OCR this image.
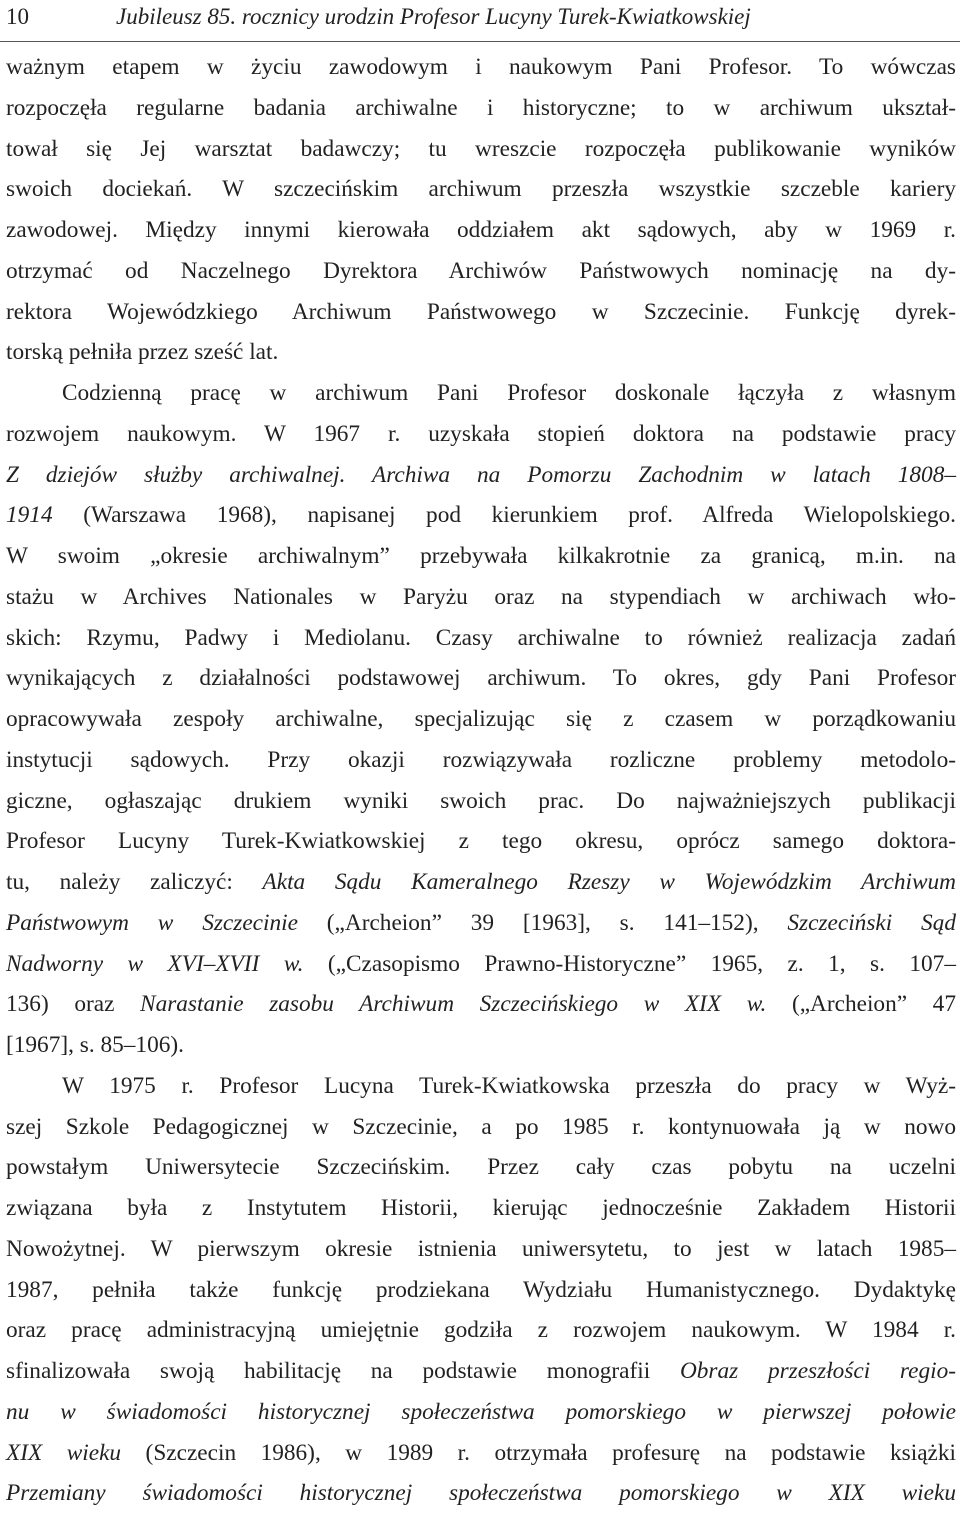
10	Jubileusz 85. rocznicy urodzin Profesor Lucyny Turek-Kwiatkowskiej
ważnym etapem w życiu zawodowym i naukowym Pani Profesor. To wówczas
rozpoczęła regularne badania archiwalne i historyczne; to w archiwum ukształ-
tował się Jej warsztat badawczy; tu wreszcie rozpoczęła publikowanie wyników
swoich dociekań. W szczecińskim archiwum przeszła wszystkie szczeble kariery
zawodowej. Między innymi kierowała oddziałem akt sądowych, aby w 1969 r.
otrzymać od Naczelnego Dyrektora Archiwów Państwowych nominację na dy-
rektora Wojewódzkiego Archiwum Państwowego w Szczecinie. Funkcję dyrek-
torską pełniła przez sześć lat.
Codzienną pracę w archiwum Pani Profesor doskonale łączyła z własnym
rozwojem naukowym. W 1967 r. uzyskała stopień doktora na podstawie pracy
Z dziejów służby archiwalnej. Archiwa na Pomorzu Zachodnim w latach 1808–
1914 (Warszawa 1968), napisanej pod kierunkiem prof. Alfreda Wielopolskiego.
W swoim „okresie archiwalnym” przebywała kilkakrotnie za granicą, m.in. na
stażu w Archives Nationales w Paryżu oraz na stypendiach w archiwach wło-
skich: Rzymu, Padwy i Mediolanu. Czasy archiwalne to również realizacja zadań
wynikających z działalności podstawowej archiwum. To okres, gdy Pani Profesor
opracowywała zespoły archiwalne, specjalizując się z czasem w porządkowaniu
instytucji sądowych. Przy okazji rozwiązywała rozliczne problemy metodolo-
giczne, ogłaszając drukiem wyniki swoich prac. Do najważniejszych publikacji
Profesor Lucyny Turek-Kwiatkowskiej z tego okresu, oprócz samego doktora-
tu, należy zaliczyć: Akta Sądu Kameralnego Rzeszy w Wojewódzkim Archiwum
Państwowym w Szczecinie („Archeion” 39 [1963], s. 141–152), Szczeciński Sąd
Nadworny w XVI–XVII w. („Czasopismo Prawno-Historyczne” 1965, z. 1, s. 107–
136) oraz Narastanie zasobu Archiwum Szczecińskiego w XIX w. („Archeion” 47
[1967], s. 85–106).
W 1975 r. Profesor Lucyna Turek-Kwiatkowska przeszła do pracy w Wyż-
szej Szkole Pedagogicznej w Szczecinie, a po 1985 r. kontynuowała ją w nowo
powstałym Uniwersytecie Szczecińskim. Przez cały czas pobytu na uczelni
związana była z Instytutem Historii, kierując jednocześnie Zakładem Historii
Nowożytnej. W pierwszym okresie istnienia uniwersytetu, to jest w latach 1985–
1987, pełniła także funkcję prodziekana Wydziału Humanistycznego. Dydaktykę
oraz pracę administracyjną umiejętnie godziła z rozwojem naukowym. W 1984 r.
sfinalizowała swoją habilitację na podstawie monografii Obraz przeszłości regio-
nu w świadomości historycznej społeczeństwa pomorskiego w pierwszej połowie
XIX wieku (Szczecin 1986), w 1989 r. otrzymała profesurę na podstawie książki
Przemiany świadomości historycznej społeczeństwa pomorskiego w XIX wieku
